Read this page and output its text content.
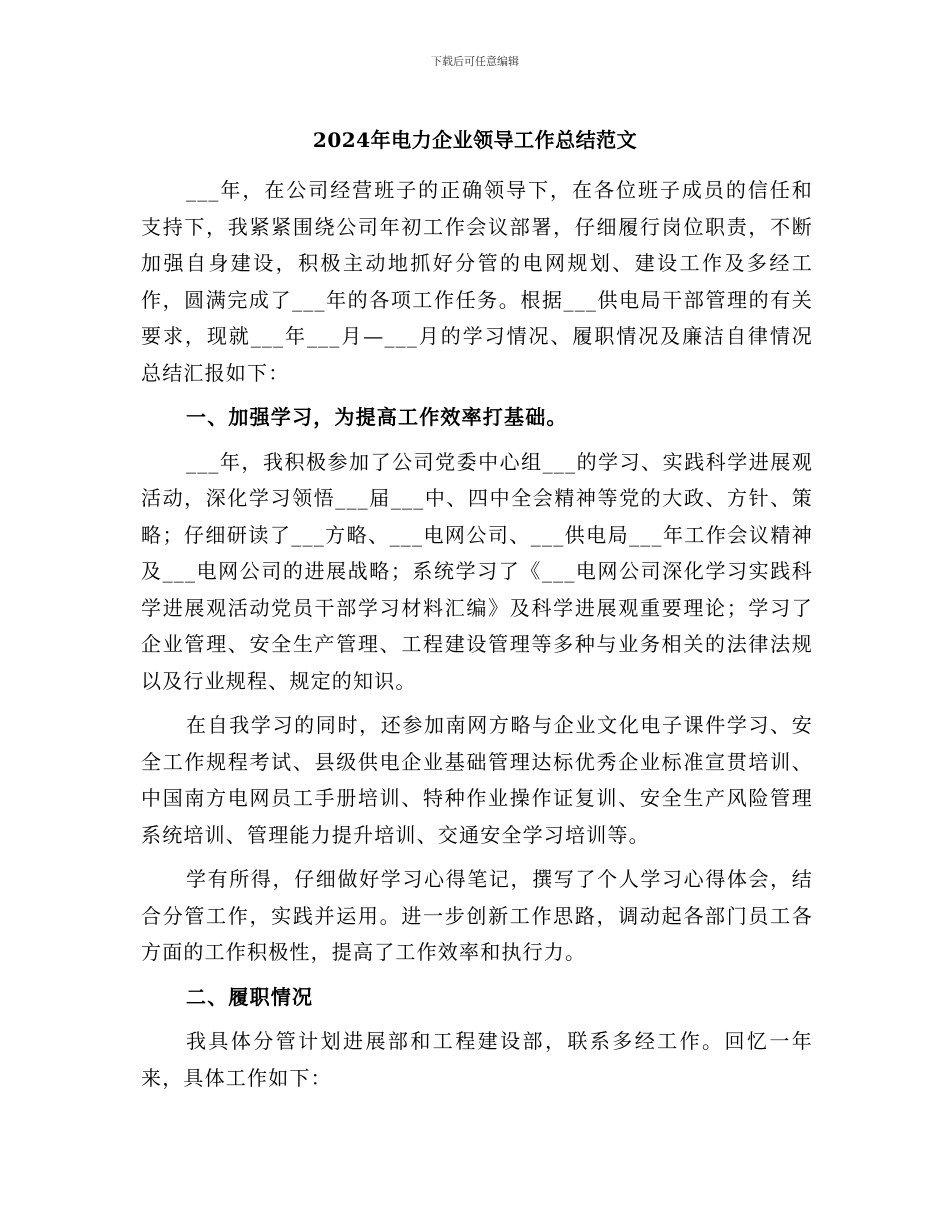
下载后可任意编辑
2024年电力企业领导工作总结范文

___年，在公司经营班子的正确领导下，在各位班子成员的信任和支持下，我紧紧围绕公司年初工作会议部署，仔细履行岗位职责，不断加强自身建设，积极主动地抓好分管的电网规划、建设工作及多经工作，圆满完成了___年的各项工作任务。根据___供电局干部管理的有关要求，现就___年___月—___月的学习情况、履职情况及廉洁自律情况总结汇报如下：

一、加强学习，为提高工作效率打基础。

___年，我积极参加了公司党委中心组___的学习、实践科学进展观活动，深化学习领悟___届___中、四中全会精神等党的大政、方针、策略；仔细研读了___方略、___电网公司、___供电局___年工作会议精神及___电网公司的进展战略；系统学习了《___电网公司深化学习实践科学进展观活动党员干部学习材料汇编》及科学进展观重要理论；学习了企业管理、安全生产管理、工程建设管理等多种与业务相关的法律法规以及行业规程、规定的知识。

在自我学习的同时，还参加南网方略与企业文化电子课件学习、安全工作规程考试、县级供电企业基础管理达标优秀企业标准宣贯培训、中国南方电网员工手册培训、特种作业操作证复训、安全生产风险管理系统培训、管理能力提升培训、交通安全学习培训等。

学有所得，仔细做好学习心得笔记，撰写了个人学习心得体会，结合分管工作，实践并运用。进一步创新工作思路，调动起各部门员工各方面的工作积极性，提高了工作效率和执行力。

二、履职情况

我具体分管计划进展部和工程建设部，联系多经工作。回忆一年来，具体工作如下：
